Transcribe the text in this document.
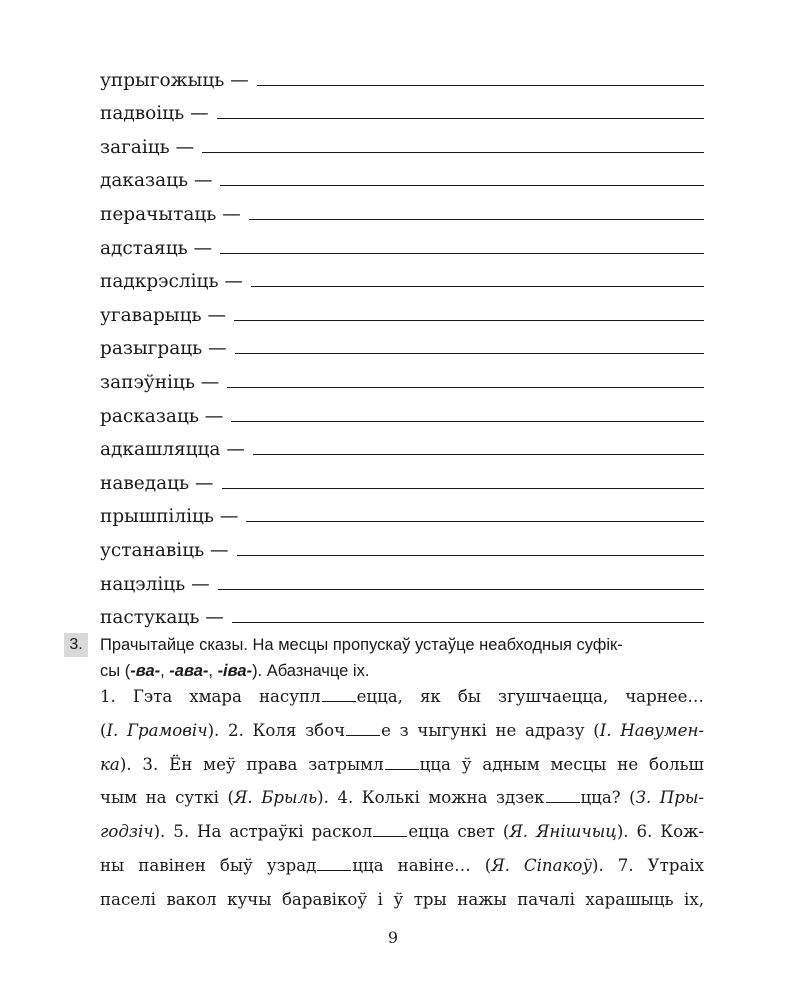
упрыгожыць —
падвоіць —
загаіць —
даказаць —
перачытаць —
адстаяць —
падкрэсліць —
угаварыць —
разыграць —
запэўніць —
расказаць —
адкашляцца —
наведаць —
прышпіліць —
устанавіць —
нацэліць —
пастукаць —
3.	Прачытайце сказы. На месцы пропускаў устаўце неабходныя суфік-
сы (-ва-, -ава-, -іва-). Абазначце іх.
1. Гэта хмара насупл ецца, як бы згушчаецца, чарнее…
(І. Грамовіч). 2. Коля збоч е з чыгункі не адразу (І. Навумен-
ка). 3. Ён меў права затрымл цца ў адным месцы не больш
чым на суткі (Я. Брыль). 4. Колькі можна здзек цца? (З. Пры-
годзіч). 5. На астраўкі раскол ецца свет (Я. Янішчыц). 6. Кож-
ны павінен быў узрад цца навіне… (Я. Сіпакоў). 7. Утраіх
паселі вакол кучы баравікоў і ў тры нажы пачалі харашыць іх,
9
